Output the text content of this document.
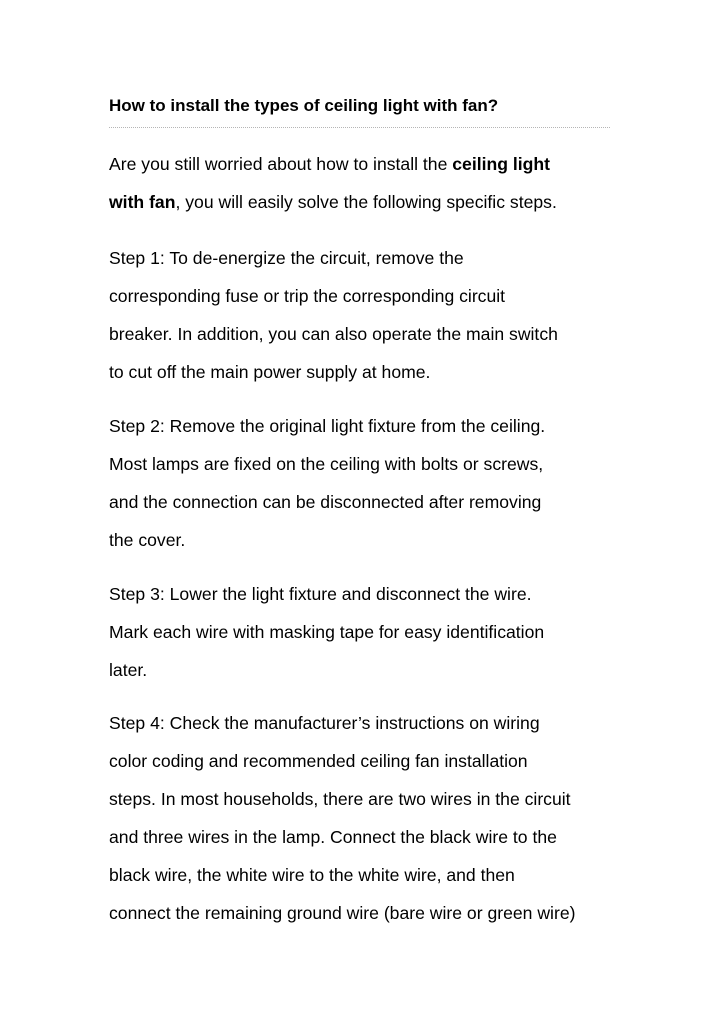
How to install the types of ceiling light with fan?
Are you still worried about how to install the ceiling light
with fan, you will easily solve the following specific steps.
Step 1: To de-energize the circuit, remove the
corresponding fuse or trip the corresponding circuit
breaker. In addition, you can also operate the main switch
to cut off the main power supply at home.
Step 2: Remove the original light fixture from the ceiling.
Most lamps are fixed on the ceiling with bolts or screws,
and the connection can be disconnected after removing
the cover.
Step 3: Lower the light fixture and disconnect the wire.
Mark each wire with masking tape for easy identification
later.
Step 4: Check the manufacturer’s instructions on wiring
color coding and recommended ceiling fan installation
steps. In most households, there are two wires in the circuit
and three wires in the lamp. Connect the black wire to the
black wire, the white wire to the white wire, and then
connect the remaining ground wire (bare wire or green wire)
